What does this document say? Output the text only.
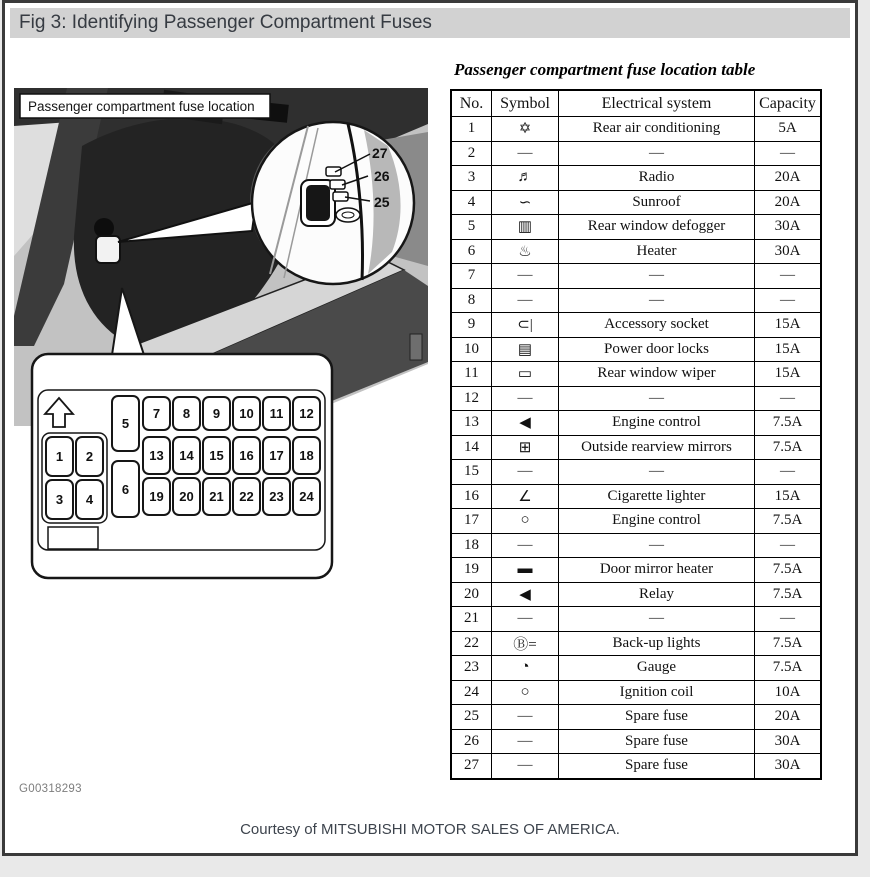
Fig 3: Identifying Passenger Compartment Fuses
Passenger compartment fuse location
27
26
25
1 2
3 4
5
6
7 8 9 10 11 12
13 14 15 16 17 18
19 20 21 22 23 24
G00318293
Passenger compartment fuse location table
No.	Symbol	Electrical system	Capacity
1	✡	Rear air conditioning	5A
2	—	—	—
3	♬	Radio	20A
4	∽	Sunroof	20A
5	▥	Rear window defogger	30A
6	♨	Heater	30A
7	—	—	—
8	—	—	—
9	⊂|	Accessory socket	15A
10	▤	Power door locks	15A
11	▭	Rear window wiper	15A
12	—	—	—
13	◀	Engine control	7.5A
14	⊞	Outside rearview mirrors	7.5A
15	—	—	—
16	∠	Cigarette lighter	15A
17	○	Engine control	7.5A
18	—	—	—
19	▬	Door mirror heater	7.5A
20	◀	Relay	7.5A
21	—	—	—
22	Ⓑ=	Back-up lights	7.5A
23	◔	Gauge	7.5A
24	○	Ignition coil	10A
25	—	Spare fuse	20A
26	—	Spare fuse	30A
27	—	Spare fuse	30A
Courtesy of MITSUBISHI MOTOR SALES OF AMERICA.
